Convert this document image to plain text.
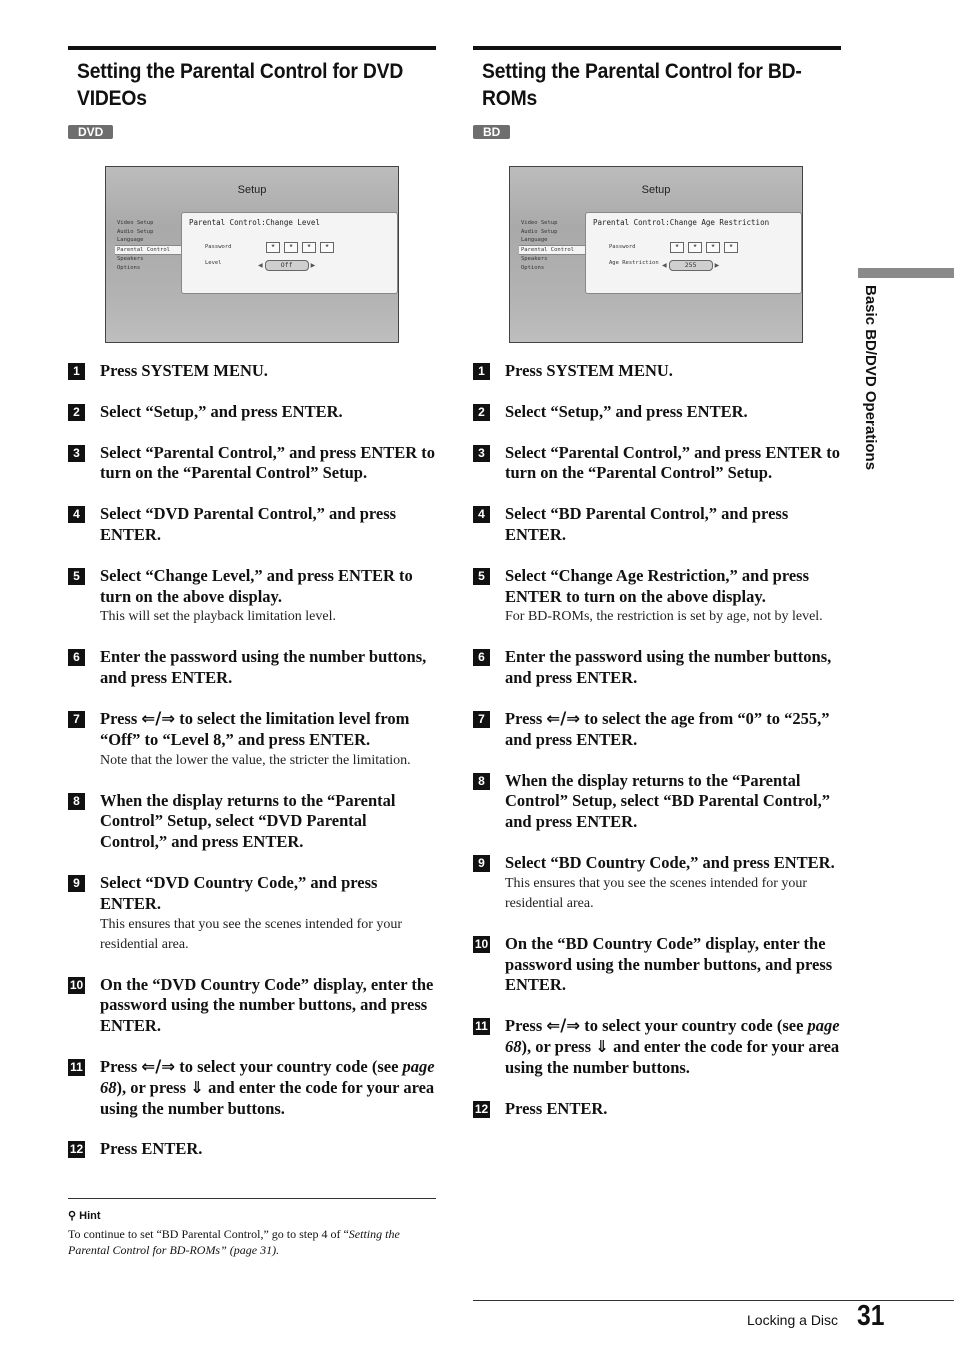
Setting the Parental Control for DVD VIDEOs
DVD
Setup
Video Setup
Audio Setup
Language
Parental Control
Speakers
Options
Parental Control:Change Level
Password
Level
*	*	*	*
◀	Off	▶
1	Press SYSTEM MENU.
2	Select “Setup,” and press ENTER.
3	Select “Parental Control,” and press ENTER to turn on the “Parental Control” Setup.
4	Select “DVD Parental Control,” and press ENTER.
5	Select “Change Level,” and press ENTER to turn on the above display.
This will set the playback limitation level.
6	Enter the password using the number buttons, and press ENTER.
7	Press ⇐/⇒ to select the limitation level from “Off” to “Level 8,” and press ENTER.
Note that the lower the value, the stricter the limitation.
8	When the display returns to the “Parental Control” Setup, select “DVD Parental Control,” and press ENTER.
9	Select “DVD Country Code,” and press ENTER.
This ensures that you see the scenes intended for your residential area.
10 On the “DVD Country Code” display, enter the password using the number buttons, and press ENTER.
11 Press ⇐/⇒ to select your country code (see page 68), or press ⇓ and enter the code for your area using the number buttons.
12 Press ENTER.
Setting the Parental Control for BD-ROMs
BD
Setup
Video Setup
Audio Setup
Language
Parental Control
Speakers
Options
Parental Control:Change Age Restriction
Password
Age Restriction
*	*	*	*
◀	255	▶
1	Press SYSTEM MENU.
2	Select “Setup,” and press ENTER.
3	Select “Parental Control,” and press ENTER to turn on the “Parental Control” Setup.
4	Select “BD Parental Control,” and press ENTER.
5	Select “Change Age Restriction,” and press ENTER to turn on the above display.
For BD-ROMs, the restriction is set by age, not by level.
6	Enter the password using the number buttons, and press ENTER.
7	Press ⇐/⇒ to select the age from “0” to “255,” and press ENTER.
8	When the display returns to the “Parental Control” Setup, select “BD Parental Control,” and press ENTER.
9	Select “BD Country Code,” and press ENTER.
This ensures that you see the scenes intended for your residential area.
10 On the “BD Country Code” display, enter the password using the number buttons, and press ENTER.
11 Press ⇐/⇒ to select your country code (see page 68), or press ⇓ and enter the code for your area using the number buttons.
12 Press ENTER.
⚲ Hint
To continue to set “BD Parental Control,” go to step 4 of “Setting the Parental Control for BD-ROMs” (page 31).
Basic BD/DVD Operations
Locking a Disc 31
